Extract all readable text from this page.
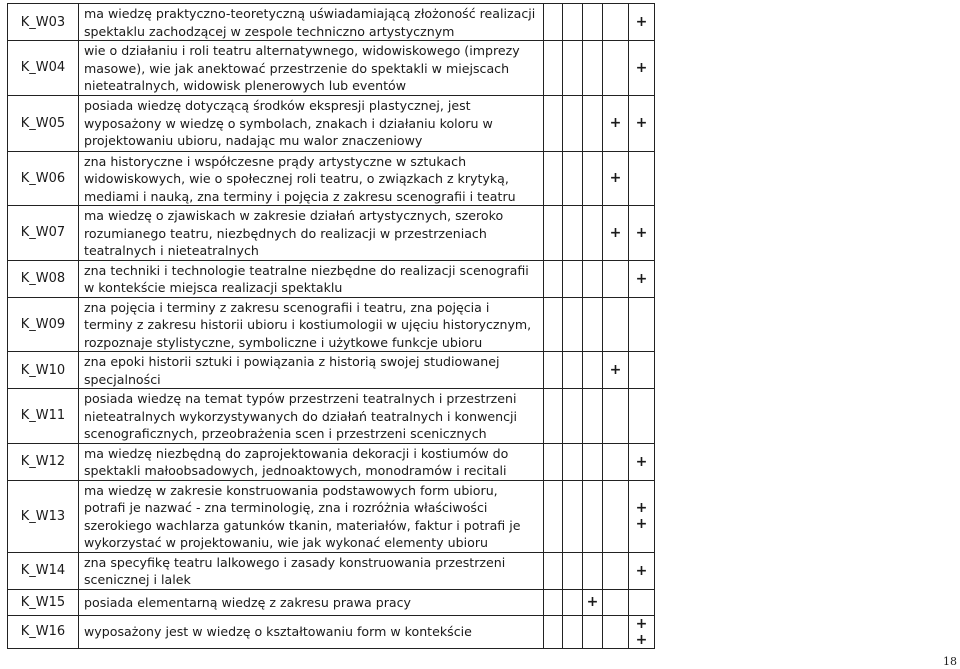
K_W03	ma wiedzę praktyczno-teoretyczną uświadamiającą złożoność realizacji spektaklu zachodzącej w zespole techniczno artystycznym					+
K_W04	wie o działaniu i roli teatru alternatywnego, widowiskowego (imprezy masowe), wie jak anektować przestrzenie do spektakli w miejscach nieteatralnych, widowisk plenerowych lub eventów					+
K_W05	posiada wiedzę dotyczącą środków ekspresji plastycznej, jest wyposażony w wiedzę o symbolach, znakach i działaniu koloru w projektowaniu ubioru, nadając mu walor znaczeniowy				+	+
K_W06	zna historyczne i współczesne prądy artystyczne w sztukach widowiskowych, wie o społecznej roli teatru, o związkach z krytyką, mediami i nauką, zna terminy i pojęcia z zakresu scenografii i teatru				+	
K_W07	ma wiedzę o zjawiskach w zakresie działań artystycznych, szeroko rozumianego teatru, niezbędnych do realizacji w przestrzeniach teatralnych i nieteatralnych				+	+
K_W08	zna techniki i technologie teatralne niezbędne do realizacji scenografii w kontekście miejsca realizacji spektaklu					+
K_W09	zna pojęcia i terminy z zakresu scenografii i teatru, zna pojęcia i terminy z zakresu historii ubioru i kostiumologii w ujęciu historycznym, rozpoznaje stylistyczne, symboliczne i użytkowe funkcje ubioru					
K_W10	zna epoki historii sztuki i powiązania z historią swojej studiowanej specjalności				+	
K_W11	posiada wiedzę na temat typów przestrzeni teatralnych i przestrzeni nieteatralnych wykorzystywanych do działań teatralnych i konwencji scenograficznych, przeobrażenia scen i przestrzeni scenicznych					
K_W12	ma wiedzę niezbędną do zaprojektowania dekoracji i kostiumów do spektakli małoobsadowych, jednoaktowych, monodramów i recitali					+
K_W13	ma wiedzę w zakresie konstruowania podstawowych form ubioru, potrafi je nazwać - zna terminologię, zna i rozróżnia właściwości szerokiego wachlarza gatunków tkanin, materiałów, faktur i potrafi je wykorzystać w projektowaniu, wie jak wykonać elementy ubioru					+ +
K_W14	zna specyfikę teatru lalkowego i zasady konstruowania przestrzeni scenicznej i lalek					+
K_W15	posiada elementarną wiedzę z zakresu prawa pracy			+		
K_W16	wyposażony jest w wiedzę o kształtowaniu form w kontekście					+ +
18
